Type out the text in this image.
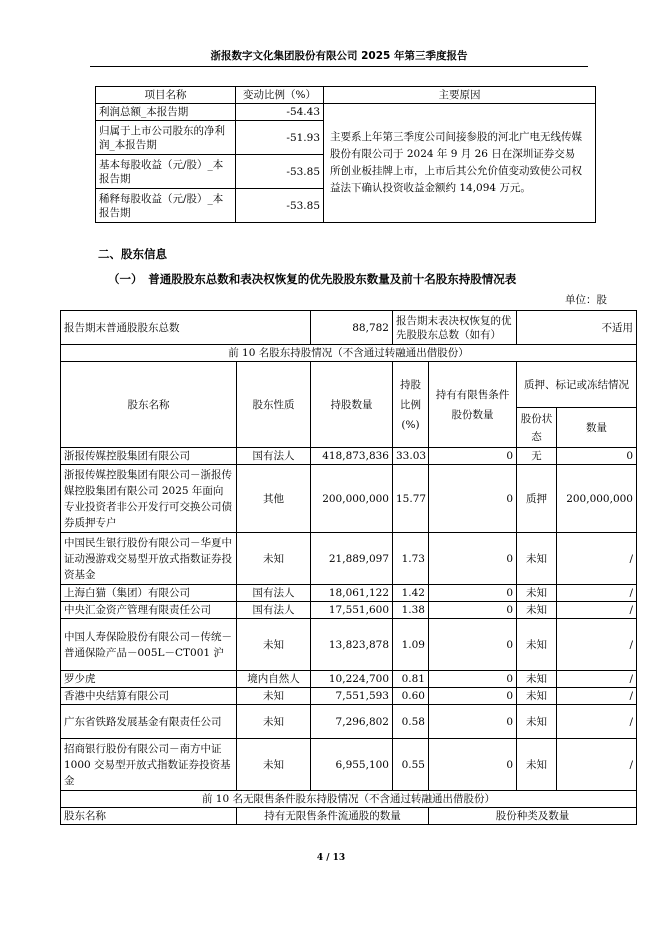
浙报数字文化集团股份有限公司 2025 年第三季度报告
项目名称	变动比例（%）	主要原因
利润总额_本报告期	-54.43	主要系上年第三季度公司间接参股的河北广电无线传媒股份有限公司于 2024 年 9 月 26 日在深圳证券交易所创业板挂牌上市，上市后其公允价值变动致使公司权益法下确认投资收益金额约 14,094 万元。
归属于上市公司股东的净利润_本报告期	-51.93	
基本每股收益（元/股）_本报告期	-53.85	
稀释每股收益（元/股）_本报告期	-53.85	
二、股东信息
（一）　普通股股东总数和表决权恢复的优先股股东数量及前十名股东持股情况表
单位：股
报告期末普通股股东总数		88,782	报告期末表决权恢复的优先股股东总数（如有）		不适用	
前 10 名股东持股情况（不含通过转融通出借股份）						
股东名称	股东性质	持股数量	持股比例(%)	持有有限售条件股份数量	质押、标记或冻结情况	
					股份状态	数量
浙报传媒控股集团有限公司	国有法人	418,873,836	33.03	0	无	0
浙报传媒控股集团有限公司－浙报传媒控股集团有限公司 2025 年面向专业投资者非公开发行可交换公司债券质押专户	其他	200,000,000	15.77	0	质押	200,000,000
中国民生银行股份有限公司－华夏中证动漫游戏交易型开放式指数证券投资基金	未知	21,889,097	1.73	0	未知	/
上海白猫（集团）有限公司	国有法人	18,061,122	1.42	0	未知	/
中央汇金资产管理有限责任公司	国有法人	17,551,600	1.38	0	未知	/
中国人寿保险股份有限公司－传统－普通保险产品－005L－CT001 沪	未知	13,823,878	1.09	0	未知	/
罗少虎	境内自然人	10,224,700	0.81	0	未知	/
香港中央结算有限公司	未知	7,551,593	0.60	0	未知	/
广东省铁路发展基金有限责任公司	未知	7,296,802	0.58	0	未知	/
招商银行股份有限公司－南方中证 1000 交易型开放式指数证券投资基金	未知	6,955,100	0.55	0	未知	/
前 10 名无限售条件股东持股情况（不含通过转融通出借股份）						
股东名称	持有无限售条件流通股的数量			股份种类及数量		
4 / 13
